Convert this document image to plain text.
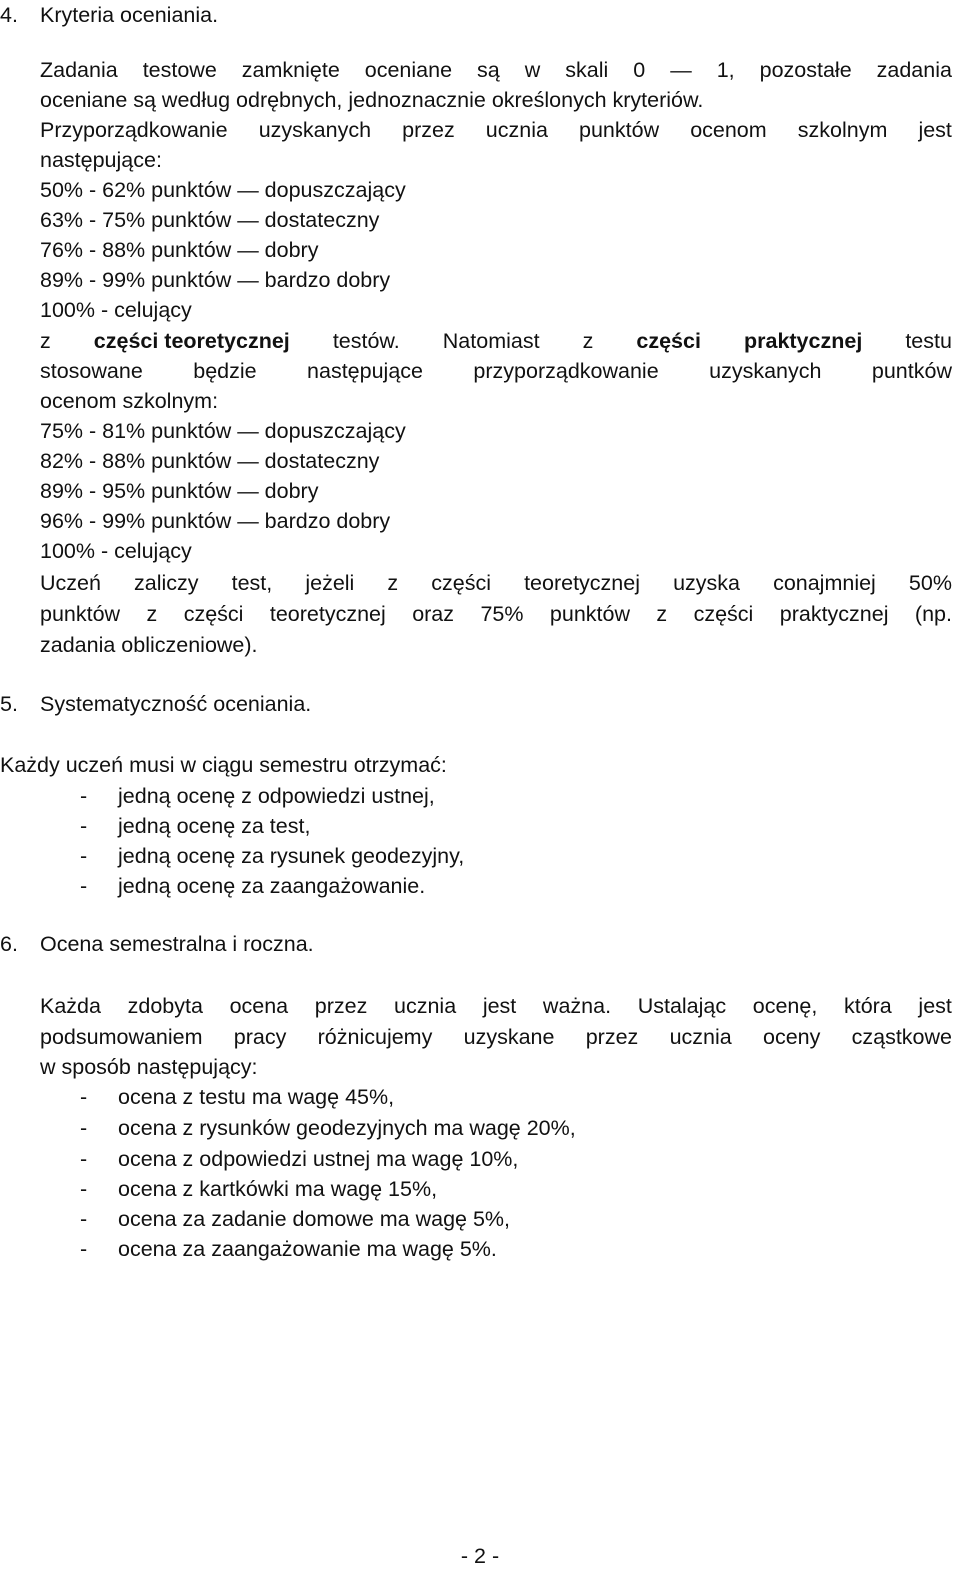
4. Kryteria oceniania.
Zadania testowe zamknięte oceniane są w skali 0 — 1, pozostałe zadania
oceniane są według odrębnych, jednoznacznie określonych kryteriów.
Przyporządkowanie uzyskanych przez ucznia punktów ocenom szkolnym jest
następujące:
50% - 62% punktów — dopuszczający
63% - 75% punktów — dostateczny
76% - 88% punktów — dobry
89% - 99% punktów — bardzo dobry
100% - celujący
z części teoretycznej testów. Natomiast z części praktycznej testu
stosowane będzie następujące przyporządkowanie uzyskanych puntków
ocenom szkolnym:
75% - 81% punktów — dopuszczający
82% - 88% punktów — dostateczny
89% - 95% punktów — dobry
96% - 99% punktów — bardzo dobry
100% - celujący
Uczeń zaliczy test, jeżeli z części teoretycznej uzyska conajmniej 50%
punktów z części teoretycznej oraz 75% punktów z części praktycznej (np.
zadania obliczeniowe).
5. Systematyczność oceniania.
Każdy uczeń musi w ciągu semestru otrzymać:
- jedną ocenę z odpowiedzi ustnej,
- jedną ocenę za test,
- jedną ocenę za rysunek geodezyjny,
- jedną ocenę za zaangażowanie.
6. Ocena semestralna i roczna.
Każda zdobyta ocena przez ucznia jest ważna. Ustalając ocenę, która jest
podsumowaniem pracy różnicujemy uzyskane przez ucznia oceny cząstkowe
w sposób następujący:
- ocena z testu ma wagę 45%,
- ocena z rysunków geodezyjnych ma wagę 20%,
- ocena z odpowiedzi ustnej ma wagę 10%,
- ocena z kartkówki ma wagę 15%,
- ocena za zadanie domowe ma wagę 5%,
- ocena za zaangażowanie ma wagę 5%.
- 2 -
